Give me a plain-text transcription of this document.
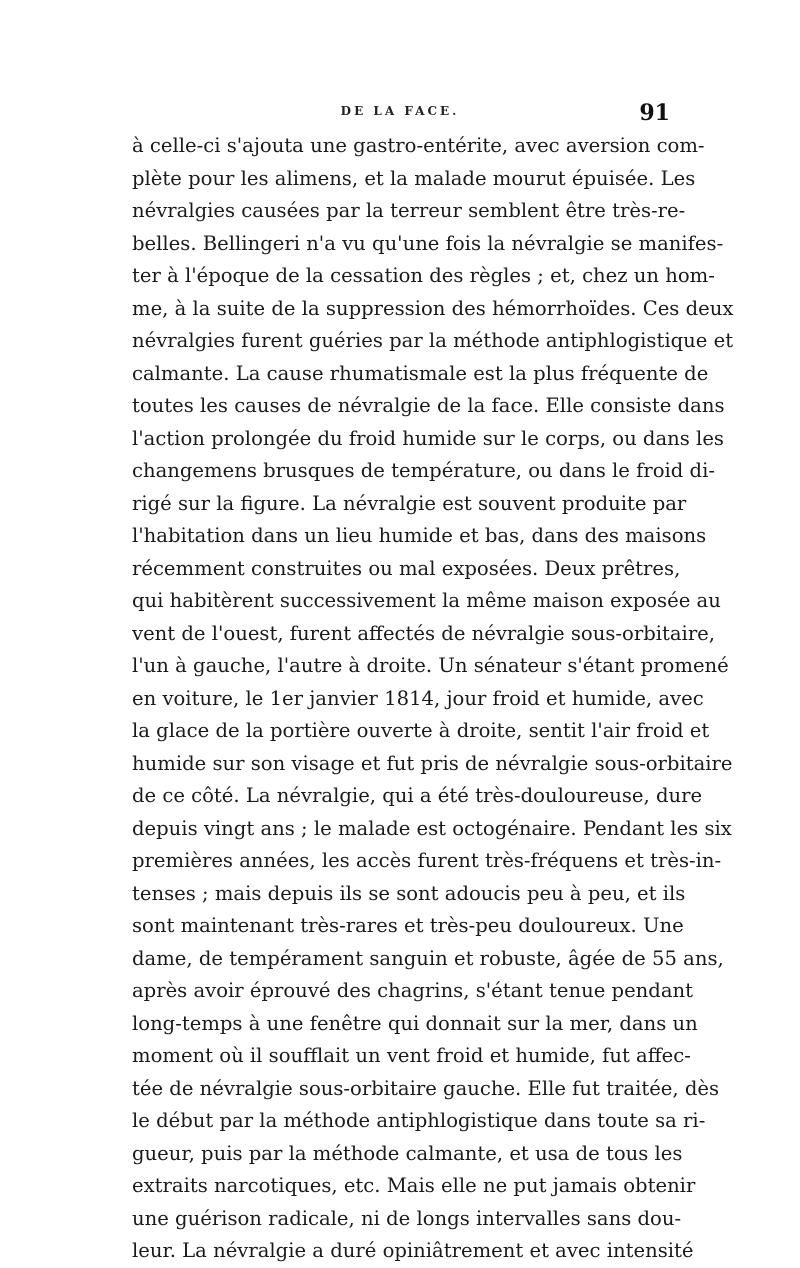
DE LA FACE.	91
à celle-ci s'ajouta une gastro-entérite, avec aversion com-
plète pour les alimens, et la malade mourut épuisée. Les
névralgies causées par la terreur semblent être très-re-
belles. Bellingeri n'a vu qu'une fois la névralgie se manifes-
ter à l'époque de la cessation des règles ; et, chez un hom-
me, à la suite de la suppression des hémorrhoïdes. Ces deux
névralgies furent guéries par la méthode antiphlogistique et
calmante. La cause rhumatismale est la plus fréquente de
toutes les causes de névralgie de la face. Elle consiste dans
l'action prolongée du froid humide sur le corps, ou dans les
changemens brusques de température, ou dans le froid di-
rigé sur la figure. La névralgie est souvent produite par
l'habitation dans un lieu humide et bas, dans des maisons
récemment construites ou mal exposées. Deux prêtres,
qui habitèrent successivement la même maison exposée au
vent de l'ouest, furent affectés de névralgie sous-orbitaire,
l'un à gauche, l'autre à droite. Un sénateur s'étant promené
en voiture, le 1er janvier 1814, jour froid et humide, avec
la glace de la portière ouverte à droite, sentit l'air froid et
humide sur son visage et fut pris de névralgie sous-orbitaire
de ce côté. La névralgie, qui a été très-douloureuse, dure
depuis vingt ans ; le malade est octogénaire. Pendant les six
premières années, les accès furent très-fréquens et très-in-
tenses ; mais depuis ils se sont adoucis peu à peu, et ils
sont maintenant très-rares et très-peu douloureux. Une
dame, de tempérament sanguin et robuste, âgée de 55 ans,
après avoir éprouvé des chagrins, s'étant tenue pendant
long-temps à une fenêtre qui donnait sur la mer, dans un
moment où il soufflait un vent froid et humide, fut affec-
tée de névralgie sous-orbitaire gauche. Elle fut traitée, dès
le début par la méthode antiphlogistique dans toute sa ri-
gueur, puis par la méthode calmante, et usa de tous les
extraits narcotiques, etc. Mais elle ne put jamais obtenir
une guérison radicale, ni de longs intervalles sans dou-
leur. La névralgie a duré opiniâtrement et avec intensité
